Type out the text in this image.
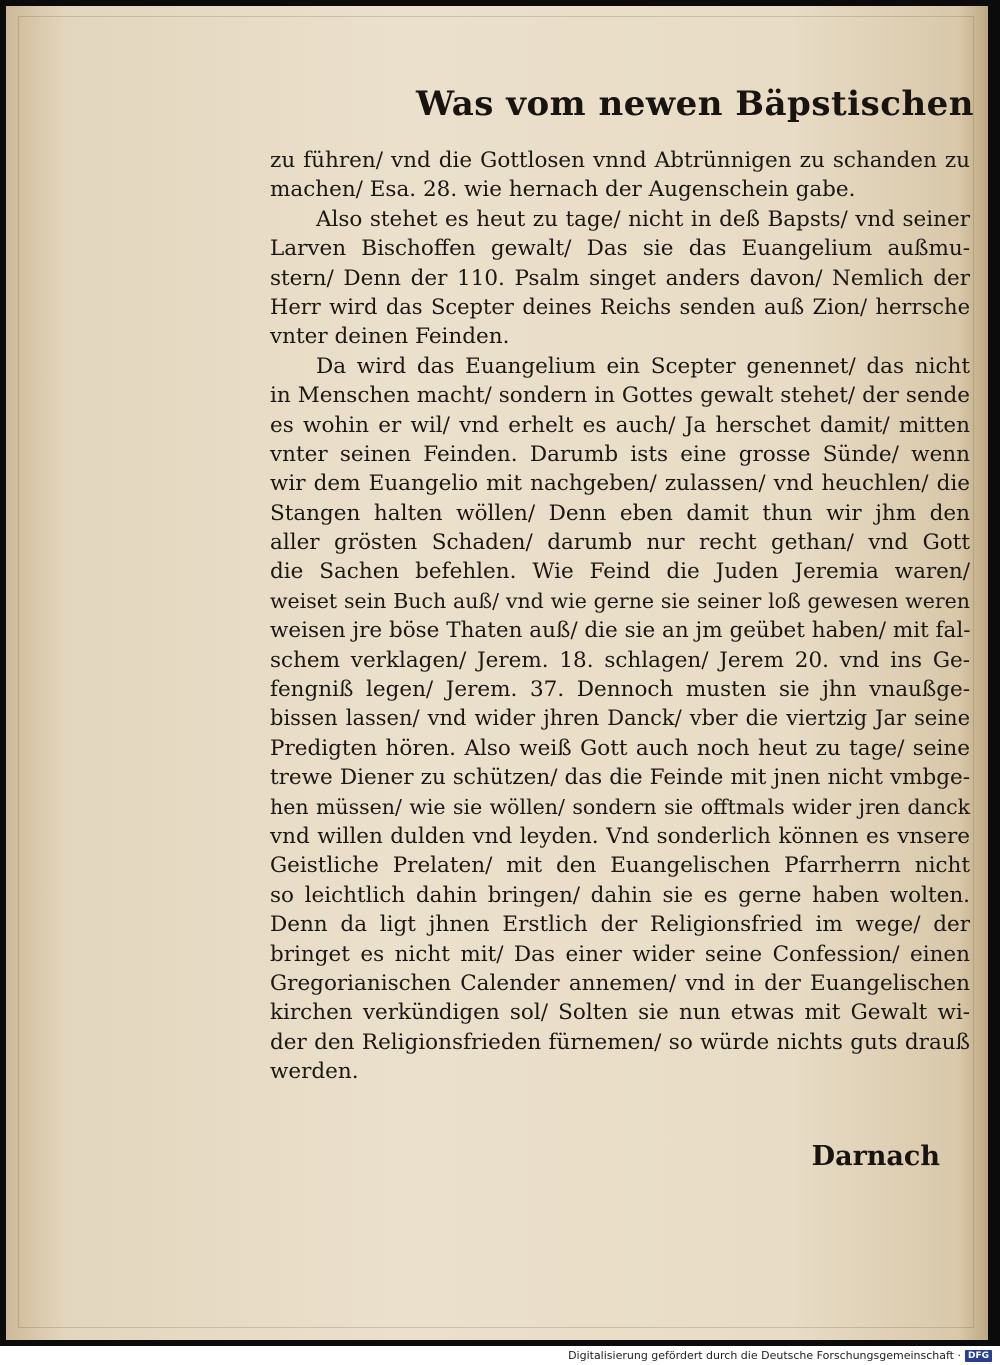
Was vom newen Bäpstischen
zu führen/ vnd die Gottlosen vnnd Abtrünnigen zu schanden zu
machen/ Esa. 28. wie hernach der Augenschein gabe.
Also stehet es heut zu tage/ nicht in deß Bapsts/ vnd seiner
Larven Bischoffen gewalt/ Das sie das Euangelium außmu-
stern/ Denn der 110. Psalm singet anders davon/ Nemlich der
Herr wird das Scepter deines Reichs senden auß Zion/ herrsche
vnter deinen Feinden.
Da wird das Euangelium ein Scepter genennet/ das nicht
in Menschen macht/ sondern in Gottes gewalt stehet/ der sende
es wohin er wil/ vnd erhelt es auch/ Ja herschet damit/ mitten
vnter seinen Feinden. Darumb ists eine grosse Sünde/ wenn
wir dem Euangelio mit nachgeben/ zulassen/ vnd heuchlen/ die
Stangen halten wöllen/ Denn eben damit thun wir jhm den
aller grösten Schaden/ darumb nur recht gethan/ vnd Gott
die Sachen befehlen. Wie Feind die Juden Jeremia waren/
weiset sein Buch auß/ vnd wie gerne sie seiner loß gewesen weren
weisen jre böse Thaten auß/ die sie an jm geübet haben/ mit fal-
schem verklagen/ Jerem. 18. schlagen/ Jerem 20. vnd ins Ge-
fengniß legen/ Jerem. 37. Dennoch musten sie jhn vnaußge-
bissen lassen/ vnd wider jhren Danck/ vber die viertzig Jar seine
Predigten hören. Also weiß Gott auch noch heut zu tage/ seine
trewe Diener zu schützen/ das die Feinde mit jnen nicht vmbge-
hen müssen/ wie sie wöllen/ sondern sie offtmals wider jren danck
vnd willen dulden vnd leyden. Vnd sonderlich können es vnsere
Geistliche Prelaten/ mit den Euangelischen Pfarrherrn nicht
so leichtlich dahin bringen/ dahin sie es gerne haben wolten.
Denn da ligt jhnen Erstlich der Religionsfried im wege/ der
bringet es nicht mit/ Das einer wider seine Confession/ einen
Gregorianischen Calender annemen/ vnd in der Euangelischen
kirchen verkündigen sol/ Solten sie nun etwas mit Gewalt wi-
der den Religionsfrieden fürnemen/ so würde nichts guts drauß
werden.
Darnach
Digitalisierung gefördert durch die Deutsche Forschungsgemeinschaft · DFG
